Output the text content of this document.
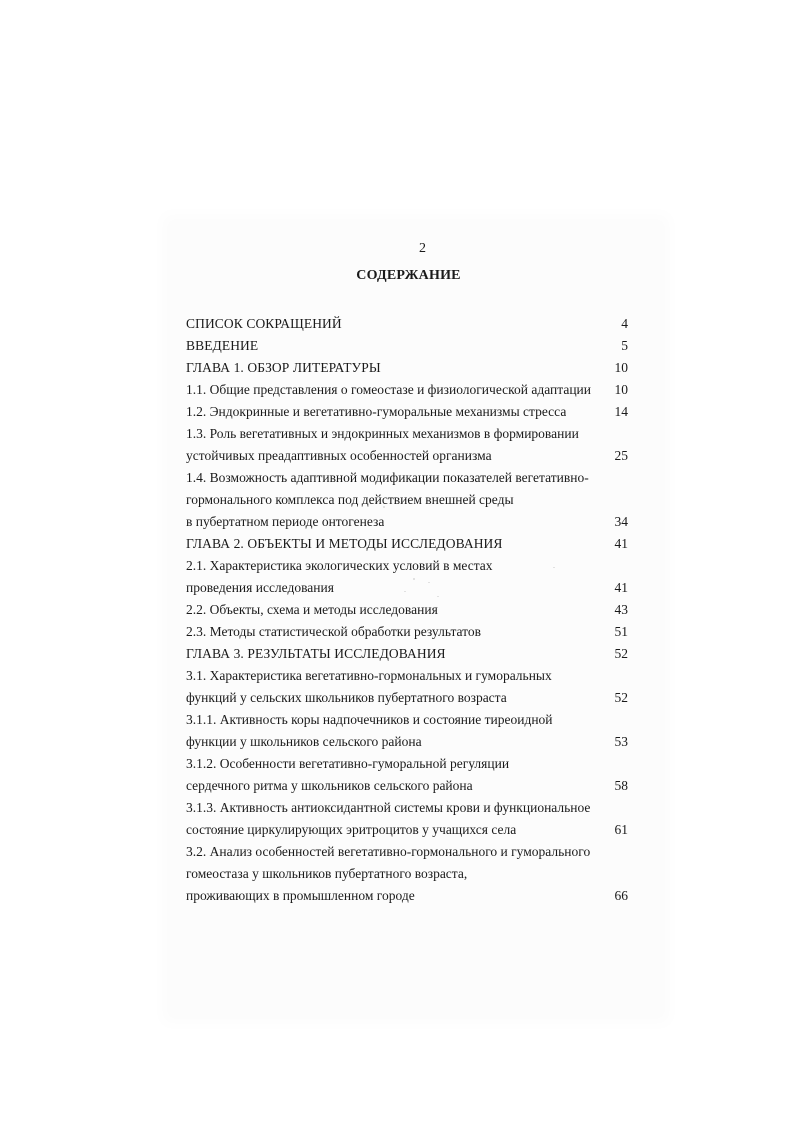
2
СОДЕРЖАНИЕ
СПИСОК СОКРАЩЕНИЙ	4
ВВЕДЕНИЕ	5
ГЛАВА 1. ОБЗОР ЛИТЕРАТУРЫ	10
1.1. Общие представления о гомеостазе и физиологической адаптации	10
1.2. Эндокринные и вегетативно-гуморальные механизмы стресса	14
1.3. Роль вегетативных и эндокринных механизмов в формировании
устойчивых преадаптивных особенностей организма	25
1.4. Возможность адаптивной модификации показателей вегетативно-
гормонального комплекса под действием внешней среды
в пубертатном периоде онтогенеза	34
ГЛАВА 2. ОБЪЕКТЫ И МЕТОДЫ ИССЛЕДОВАНИЯ	41
2.1. Характеристика экологических условий в местах
проведения исследования	41
2.2. Объекты, схема и методы исследования	43
2.3. Методы статистической обработки результатов	51
ГЛАВА 3. РЕЗУЛЬТАТЫ ИССЛЕДОВАНИЯ	52
3.1. Характеристика вегетативно-гормональных и гуморальных
функций у сельских школьников пубертатного возраста	52
3.1.1. Активность коры надпочечников и состояние тиреоидной
функции у школьников сельского района	53
3.1.2. Особенности вегетативно-гуморальной регуляции
сердечного ритма у школьников сельского района	58
3.1.3. Активность антиоксидантной системы крови и функциональное
состояние циркулирующих эритроцитов у учащихся села	61
3.2. Анализ особенностей вегетативно-гормонального и гуморального
гомеостаза у школьников пубертатного возраста,
проживающих в промышленном городе	66
